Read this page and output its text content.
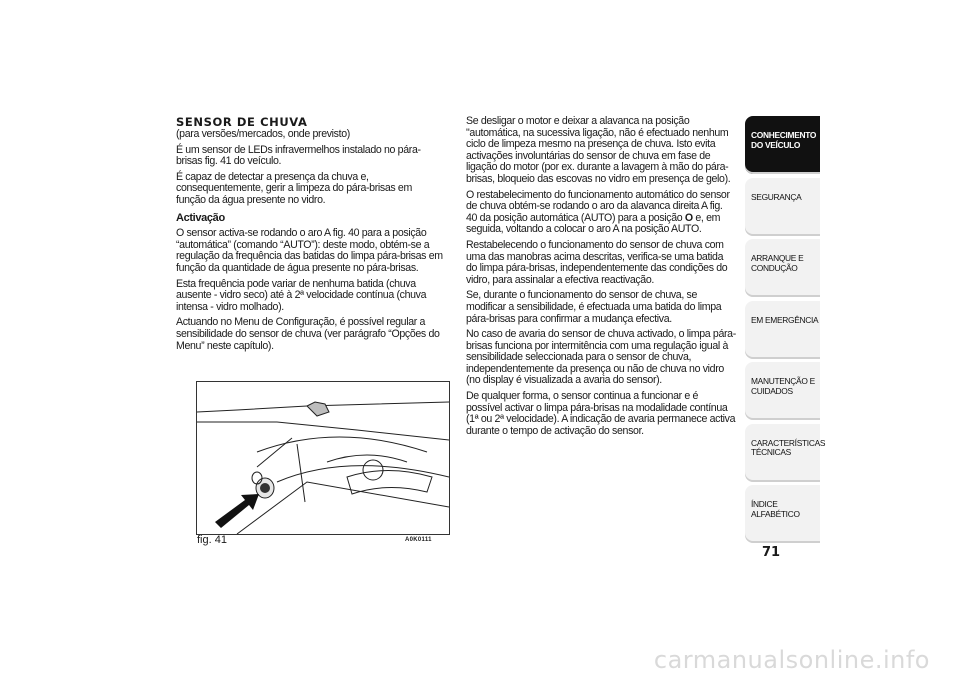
SENSOR DE CHUVA

(para versões/mercados, onde previsto)

É um sensor de LEDs infravermelhos instalado no pára-brisas fig. 41 do veículo.

É capaz de detectar a presença da chuva e, consequentemente, gerir a limpeza do pára-brisas em função da água presente no vidro.

Activação

O sensor activa-se rodando o aro A fig. 40 para a posição “automática” (comando “AUTO”): deste modo, obtém-se a regulação da frequência das batidas do limpa pára-brisas em função da quantidade de água presente no pára-brisas.

Esta frequência pode variar de nenhuma batida (chuva ausente - vidro seco) até à 2ª velocidade contínua (chuva intensa - vidro molhado).

Actuando no Menu de Configuração, é possível regular a sensibilidade do sensor de chuva (ver parágrafo “Opções do Menu” neste capítulo).

fig. 41	A0K0111

Se desligar o motor e deixar a alavanca na posição "automática, na sucessiva ligação, não é efectuado nenhum ciclo de limpeza mesmo na presença de chuva. Isto evita activações involuntárias do sensor de chuva em fase de ligação do motor (por ex. durante a lavagem à mão do pára-brisas, bloqueio das escovas no vidro em presença de gelo).

O restabelecimento do funcionamento automático do sensor de chuva obtém-se rodando o aro da alavanca direita A fig. 40 da posição automática (AUTO) para a posição O e, em seguida, voltando a colocar o aro A na posição AUTO.

Restabelecendo o funcionamento do sensor de chuva com uma das manobras acima descritas, verifica-se uma batida do limpa pára-brisas, independentemente das condições do vidro, para assinalar a efectiva reactivação.

Se, durante o funcionamento do sensor de chuva, se modificar a sensibilidade, é efectuada uma batida do limpa pára-brisas para confirmar a mudança efectiva.

No caso de avaria do sensor de chuva activado, o limpa pára-brisas funciona por intermitência com uma regulação igual à sensibilidade seleccionada para o sensor de chuva, independentemente da presença ou não de chuva no vidro (no display é visualizada a avaria do sensor).

De qualquer forma, o sensor continua a funcionar e é possível activar o limpa pára-brisas na modalidade contínua (1ª ou 2ª velocidade). A indicação de avaria permanece activa durante o tempo de activação do sensor.

CONHECIMENTO DO VEÍCULO
SEGURANÇA
ARRANQUE E CONDUÇÃO
EM EMERGÊNCIA
MANUTENÇÃO E CUIDADOS
CARACTERÍSTICAS TÉCNICAS
ÍNDICE ALFABÉTICO
71
carmanualsonline.info
